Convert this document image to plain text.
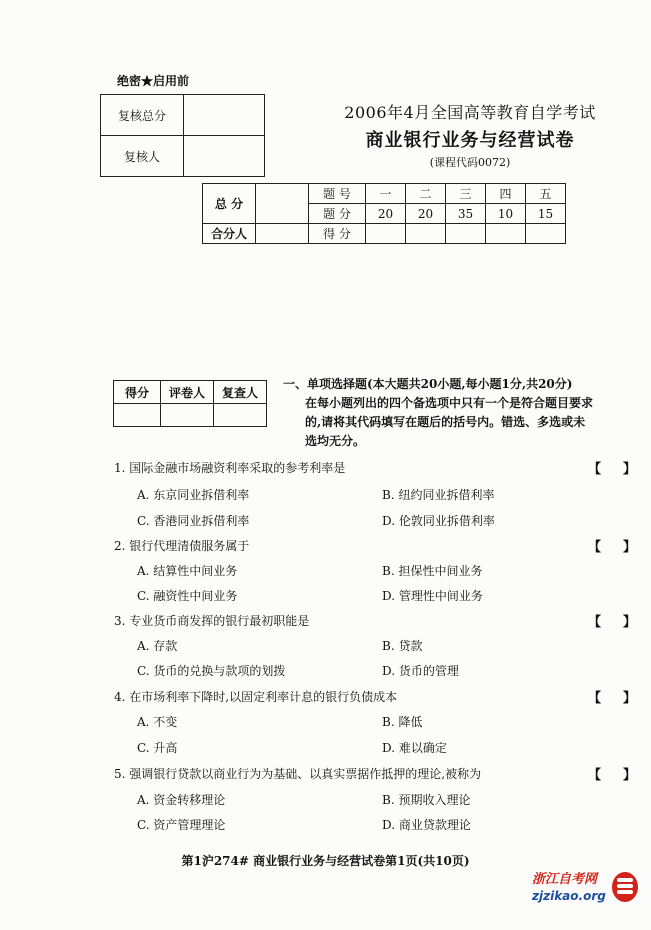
绝密★启用前
复核总分	
复核人	
2006年4月全国高等教育自学考试
商业银行业务与经营试卷
(课程代码0072)
总 分		题 号	一	二	三	四	五
		题 分	20	20	35	10	15
合分人		得 分					
得分	评卷人	复查人

一、单项选择题(本大题共20小题,每小题1分,共20分)
在每小题列出的四个备选项中只有一个是符合题目要求
的,请将其代码填写在题后的括号内。错选、多选或未
选均无分。
1. 国际金融市场融资利率采取的参考利率是	【 】
A. 东京同业拆借利率	B. 纽约同业拆借利率
C. 香港同业拆借利率	D. 伦敦同业拆借利率
2. 银行代理清债服务属于	【 】
A. 结算性中间业务	B. 担保性中间业务
C. 融资性中间业务	D. 管理性中间业务
3. 专业货币商发挥的银行最初职能是	【 】
A. 存款	B. 贷款
C. 货币的兑换与款项的划拨	D. 货币的管理
4. 在市场利率下降时,以固定利率计息的银行负债成本	【 】
A. 不变	B. 降低
C. 升高	D. 难以确定
5. 强调银行贷款以商业行为为基础、以真实票据作抵押的理论,被称为	【 】
A. 资金转移理论	B. 预期收入理论
C. 资产管理理论	D. 商业贷款理论
第1沪274# 商业银行业务与经营试卷第1页(共10页)
浙江自考网
zjzikao.org
